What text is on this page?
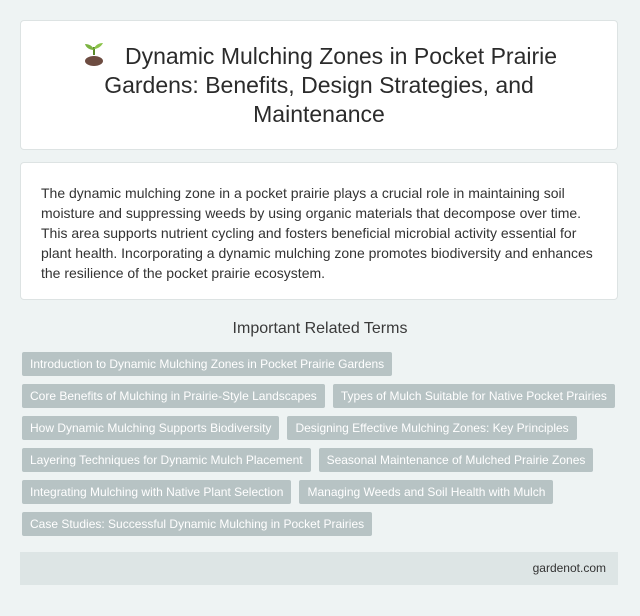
Dynamic Mulching Zones in Pocket Prairie Gardens: Benefits, Design Strategies, and Maintenance

The dynamic mulching zone in a pocket prairie plays a crucial role in maintaining soil moisture and suppressing weeds by using organic materials that decompose over time. This area supports nutrient cycling and fosters beneficial microbial activity essential for plant health. Incorporating a dynamic mulching zone promotes biodiversity and enhances the resilience of the pocket prairie ecosystem.

Important Related Terms
Introduction to Dynamic Mulching Zones in Pocket Prairie Gardens
Core Benefits of Mulching in Prairie-Style Landscapes	Types of Mulch Suitable for Native Pocket Prairies
How Dynamic Mulching Supports Biodiversity	Designing Effective Mulching Zones: Key Principles
Layering Techniques for Dynamic Mulch Placement	Seasonal Maintenance of Mulched Prairie Zones
Integrating Mulching with Native Plant Selection	Managing Weeds and Soil Health with Mulch
Case Studies: Successful Dynamic Mulching in Pocket Prairies
gardenot.com
